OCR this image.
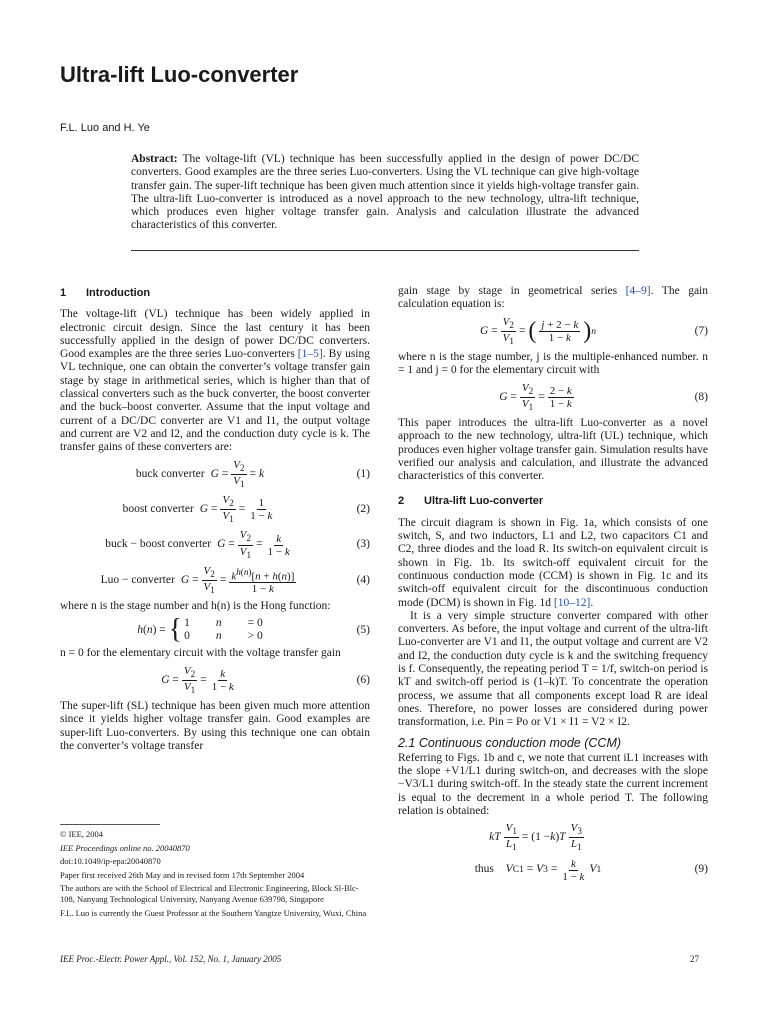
Ultra-lift Luo-converter
F.L. Luo and H. Ye
Abstract: The voltage-lift (VL) technique has been successfully applied in the design of power DC/DC converters. Good examples are the three series Luo-converters. Using the VL technique can give high-voltage transfer gain. The super-lift technique has been given much attention since it yields high-voltage transfer gain. The ultra-lift Luo-converter is introduced as a novel approach to the new technology, ultra-lift technique, which produces even higher voltage transfer gain. Analysis and calculation illustrate the advanced characteristics of this converter.
1 Introduction

The voltage-lift (VL) technique has been widely applied in electronic circuit design. Since the last century it has been successfully applied in the design of power DC/DC converters. Good examples are the three series Luo-converters [1–5]. By using VL technique, one can obtain the converter’s voltage transfer gain stage by stage in arithmetical series, which is higher than that of classical converters such as the buck converter, the boost converter and the buck–boost converter. Assume that the input voltage and current of a DC/DC converter are V1 and I1, the output voltage and current are V2 and I2, and the conduction duty cycle is k. The transfer gains of these converters are:

buck converter $G = \frac{V_2}{V_1} = k$	(1)
boost converter $G = \frac{V_2}{V_1} = \frac{1}{1 - k}$	(2)
buck − boost converter $G = \frac{V_2}{V_1} = \frac{k}{1 - k}$	(3)
Luo − converter $G = \frac{V_2}{V_1} = \frac{k^{h(n)}[n + h(n)]}{1 - k}$	(4)

where n is the stage number and h(n) is the Hong function:

h ( n ) = { 1 n = 0
0 n > 0
(5)

n = 0 for the elementary circuit with the voltage transfer gain

$G = \frac{V_2}{V_1} = \frac{k}{1 - k}$	(6)

The super-lift (SL) technique has been given much more attention since it yields higher voltage transfer gain. Good examples are super-lift Luo-converters. By using this technique one can obtain the converter’s voltage transfer

gain stage by stage in geometrical series [4–9]. The gain calculation equation is:

$G = \frac{V_2}{V_1}$ = ( $\frac{j + 2 - k}{1 - k}$ ) n	(7)

where n is the stage number, j is the multiple-enhanced number. n = 1 and j = 0 for the elementary circuit with

$G = \frac{V_2}{V_1} = \frac{2 - k}{1 - k}$	(8)

This paper introduces the ultra-lift Luo-converter as a novel approach to the new technology, ultra-lift (UL) technique, which produces even higher voltage transfer gain. Simulation results have verified our analysis and calculation, and illustrate the advanced characteristics of this converter.

2 Ultra-lift Luo-converter

The circuit diagram is shown in Fig. 1a, which consists of one switch, S, and two inductors, L1 and L2, two capacitors C1 and C2, three diodes and the load R. Its switch-on equivalent circuit is shown in Fig. 1b. Its switch-off equivalent circuit for the continuous conduction mode (CCM) is shown in Fig. 1c and its switch-off equivalent circuit for the discontinuous conduction mode (DCM) is shown in Fig. 1d [10–12].

It is a very simple structure converter compared with other converters. As before, the input voltage and current of the ultra-lift Luo-converter are V1 and I1, the output voltage and current are V2 and I2, the conduction duty cycle is k and the switching frequency is f. Consequently, the repeating period T = 1/f, switch-on period is kT and switch-off period is (1–k)T. To concentrate the operation process, we assume that all components except load R are ideal ones. Therefore, no power losses are considered during power transformation, i.e. Pin = Po or V1 × I1 = V2 × I2.

2.1 Continuous conduction mode (CCM)

Referring to Figs. 1b and c, we note that current iL1 increases with the slope +V1/L1 during switch-on, and decreases with the slope −V3/L1 during switch-off. In the steady state the current increment is equal to the decrement in a whole period T. The following relation is obtained:

kT $\frac{V_1}{L_1} = (1 - k$ ) T $\frac{V_3}{L_1}$
thus
V C1 = V $3 = \frac{k}{1 - k}$ V 1	(9)
© IEE, 2004
IEE Proceedings online no. 20040870
doi:10.1049/ip-epa:20040870
Paper first received 26th May and in revised form 17th September 2004
The authors are with the School of Electrical and Electronic Engineering, Block Sl-Blc-108, Nanyang Technological University, Nanyang Avenue 639798, Singapore
F.L. Luo is currently the Guest Professor at the Southern Yangtze University, Wuxi, China
IEE Proc.-Electr. Power Appl., Vol. 152, No. 1, January 2005	27
